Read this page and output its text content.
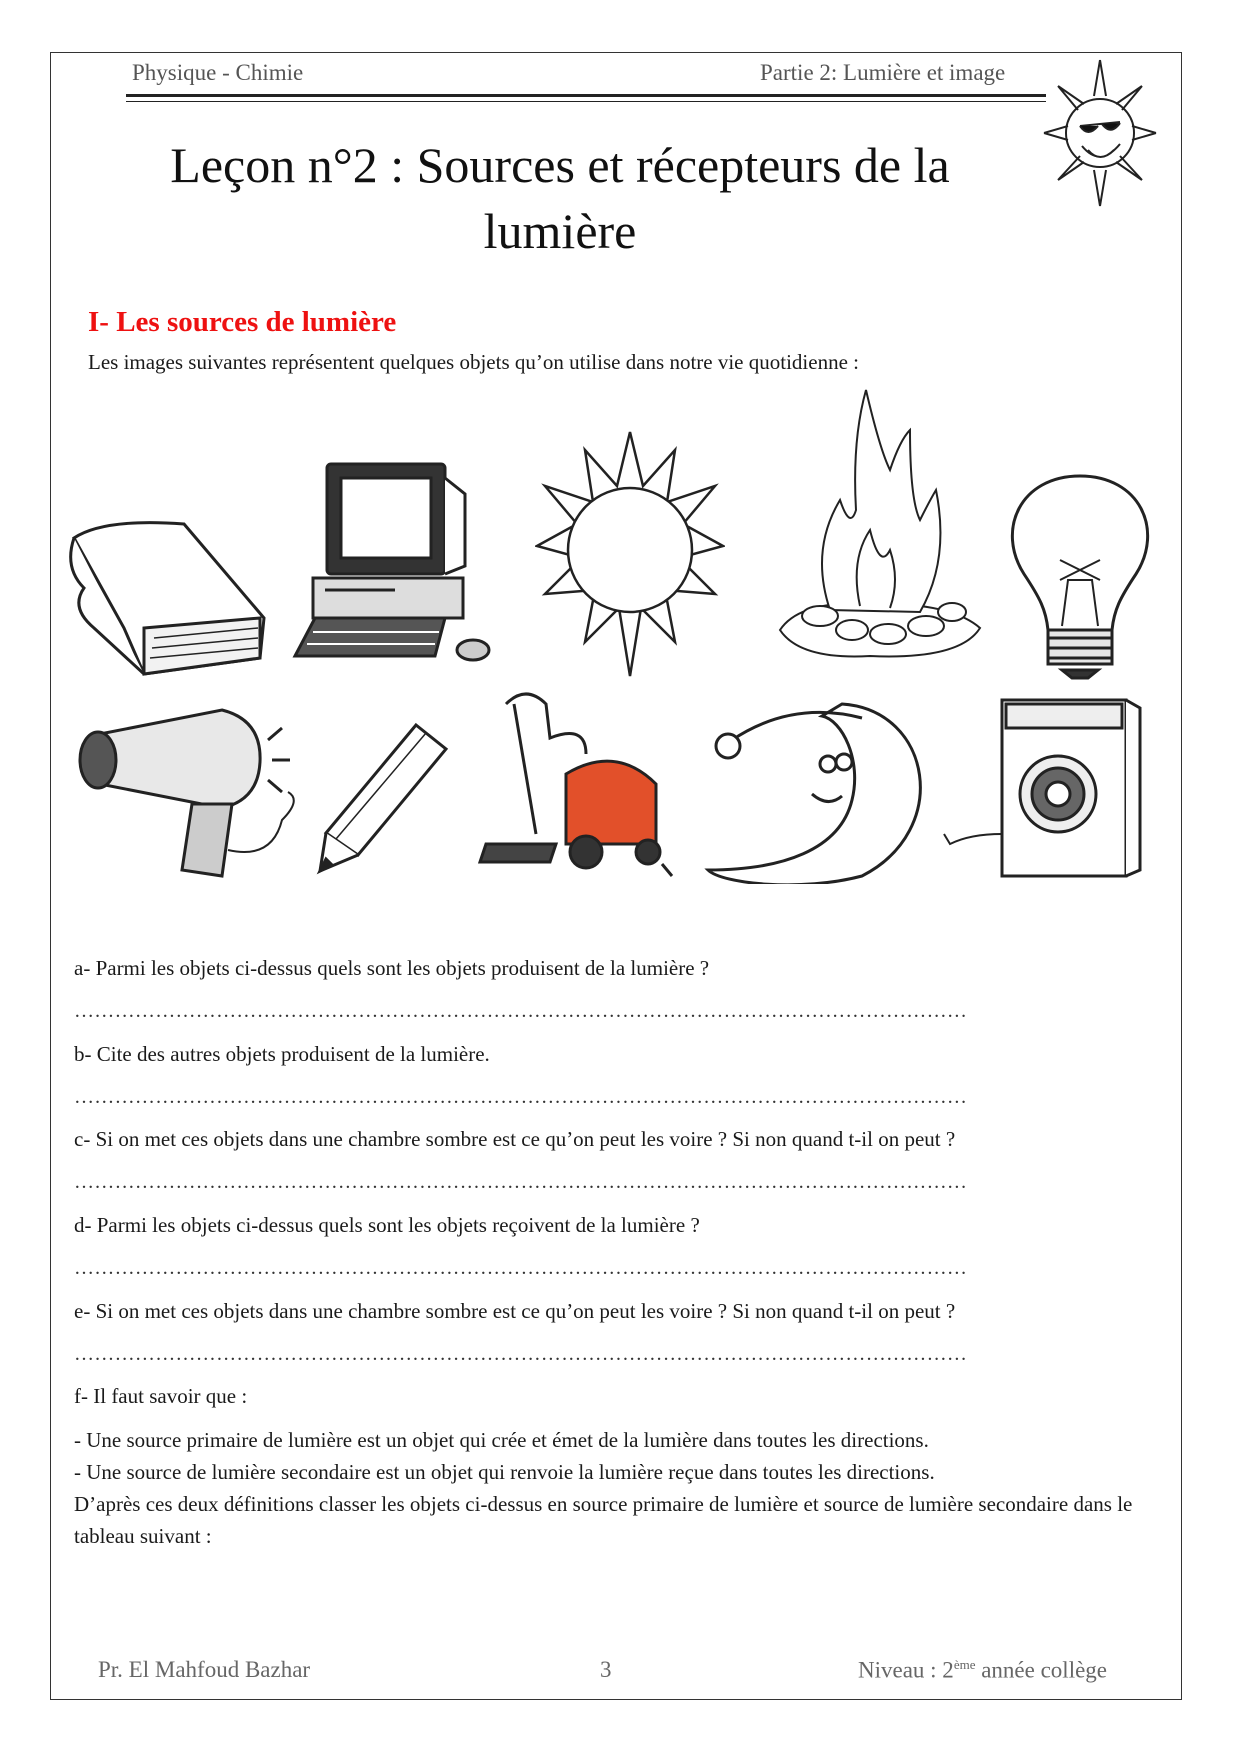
Physique - Chimie	Partie 2: Lumière et image
Leçon n°2 : Sources et récepteurs de la
lumière
I- Les sources de lumière
Les images suivantes représentent quelques objets qu’on utilise dans notre vie quotidienne :
a- Parmi les objets ci-dessus quels sont les objets produisent de la lumière ?
……………………………………………………………………………………………………………………
b- Cite des autres objets produisent de la lumière.
……………………………………………………………………………………………………………………
c- Si on met ces objets dans une chambre sombre est ce qu’on peut les voire ? Si non quand t-il on peut ?
……………………………………………………………………………………………………………………
d- Parmi les objets ci-dessus quels sont les objets reçoivent de la lumière ?
……………………………………………………………………………………………………………………
e- Si on met ces objets dans une chambre sombre est ce qu’on peut les voire ? Si non quand t-il on peut ?
……………………………………………………………………………………………………………………
f- Il faut savoir que :
- Une source primaire de lumière est un objet qui crée et émet de la lumière dans toutes les directions.
- Une source de lumière secondaire est un objet qui renvoie la lumière reçue dans toutes les directions.
D’après ces deux définitions classer les objets ci-dessus en source primaire de lumière et source de lumière secondaire dans le tableau suivant :
Pr. El Mahfoud Bazhar	3	Niveau : 2ème année collège
